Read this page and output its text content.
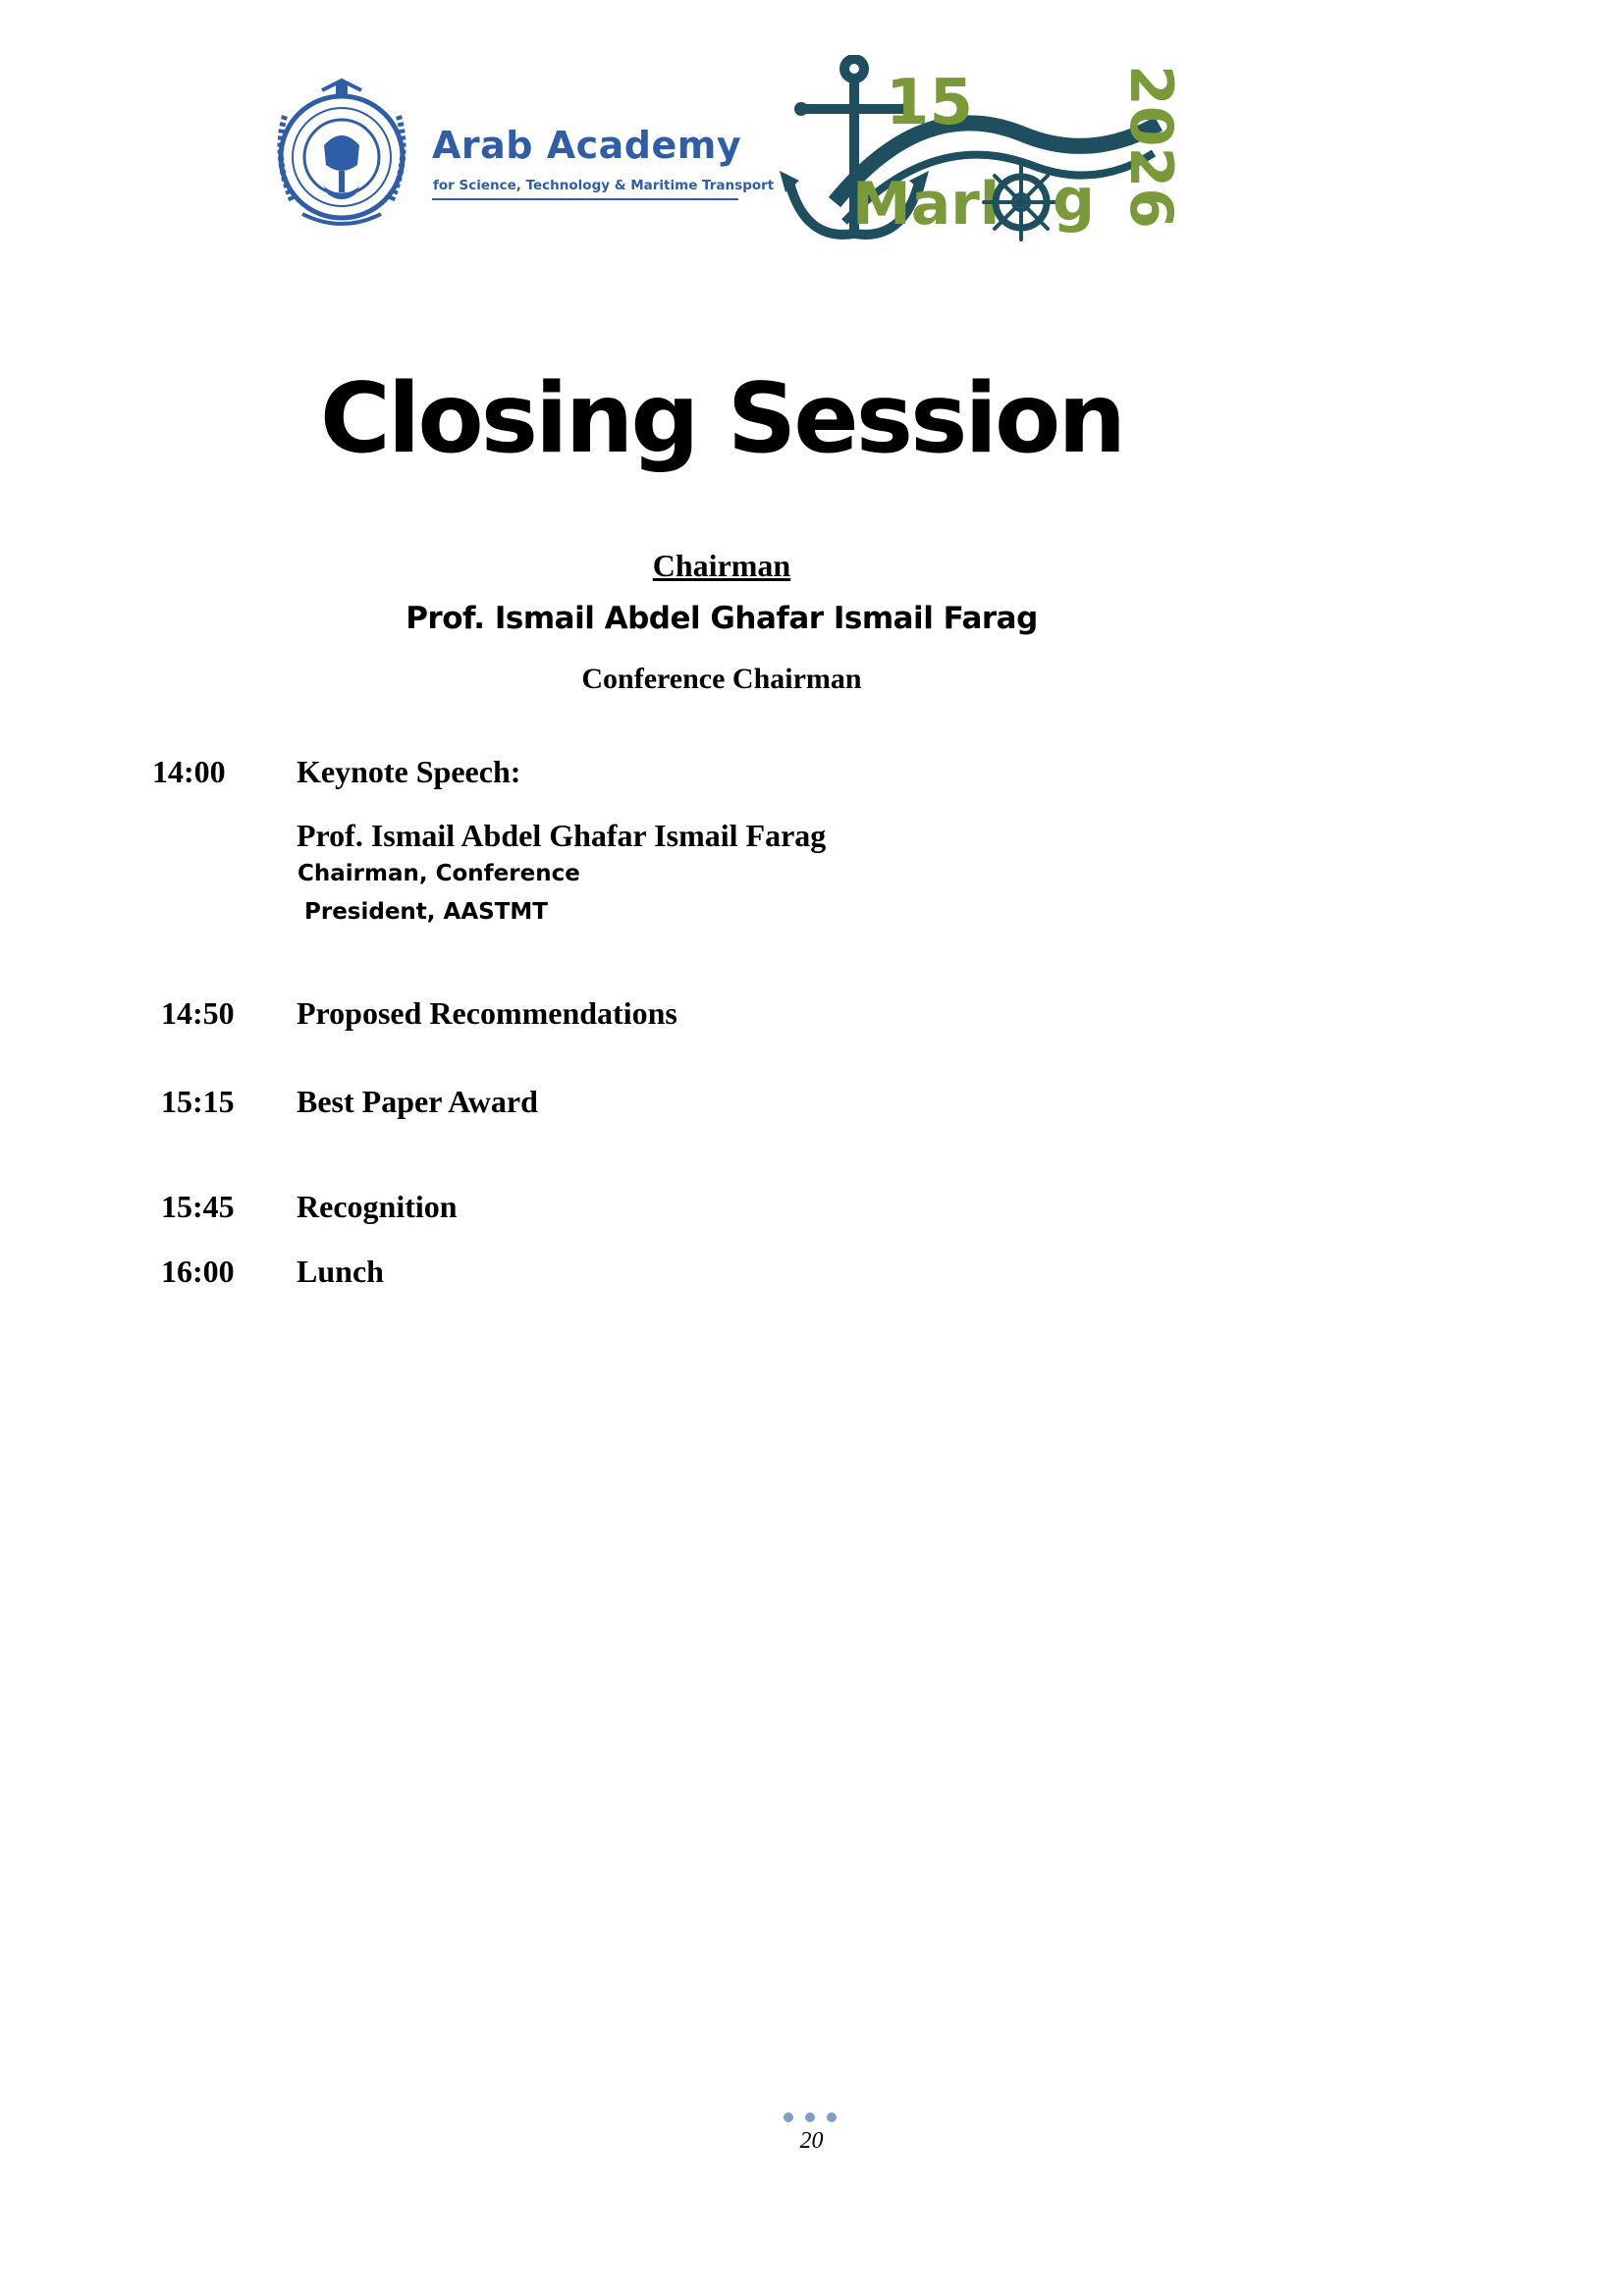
Arab Academy
for Science, Technology & Maritime Transport
15
Marl g 2026
Closing Session
Chairman
Prof. Ismail Abdel Ghafar Ismail Farag
Conference Chairman
14:00 Keynote Speech:
Prof. Ismail Abdel Ghafar Ismail Farag
Chairman, Conference
President, AASTMT
14:50 Proposed Recommendations
15:15 Best Paper Award
15:45 Recognition
16:00 Lunch
20
